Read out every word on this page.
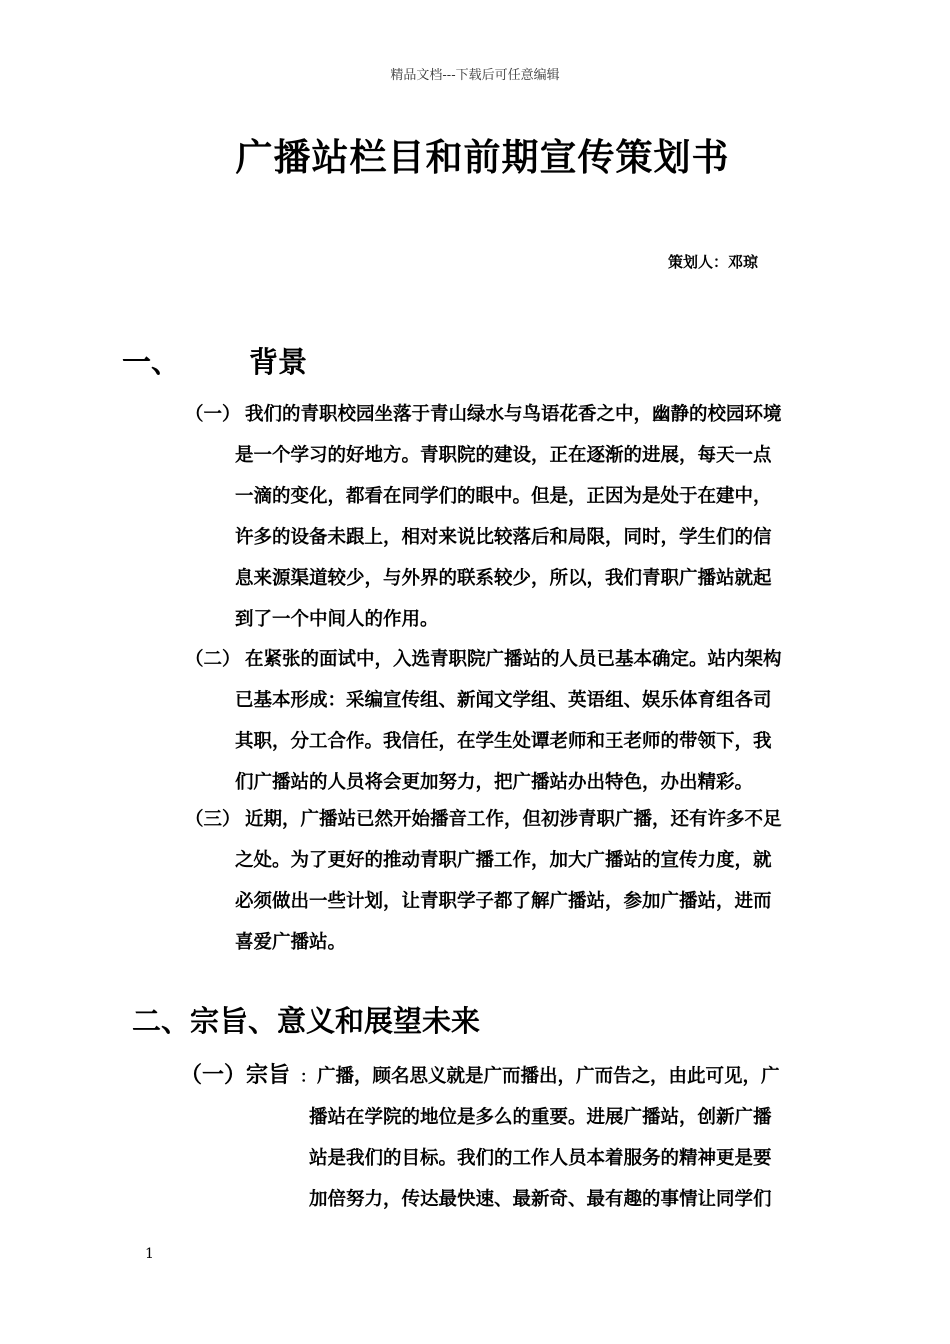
精品文档---下载后可任意编辑
广播站栏目和前期宣传策划书
策划人：邓琼
一、 背景
（一） 我们的青职校园坐落于青山绿水与鸟语花香之中，幽静的校园环境
是一个学习的好地方。青职院的建设，正在逐渐的进展，每天一点
一滴的变化，都看在同学们的眼中。但是，正因为是处于在建中，
许多的设备未跟上，相对来说比较落后和局限，同时，学生们的信
息来源渠道较少，与外界的联系较少，所以，我们青职广播站就起
到了一个中间人的作用。
（二） 在紧张的面试中，入选青职院广播站的人员已基本确定。站内架构
已基本形成：采编宣传组、新闻文学组、英语组、娱乐体育组各司
其职，分工合作。我信任，在学生处谭老师和王老师的带领下，我
们广播站的人员将会更加努力，把广播站办出特色，办出精彩。
（三） 近期，广播站已然开始播音工作，但初涉青职广播，还有许多不足
之处。为了更好的推动青职广播工作，加大广播站的宣传力度，就
必须做出一些计划，让青职学子都了解广播站，参加广播站，进而
喜爱广播站。
二、宗旨、意义和展望未来
（一）宗旨 ： 广播，顾名思义就是广而播出，广而告之，由此可见，广
播站在学院的地位是多么的重要。进展广播站，创新广播
站是我们的目标。我们的工作人员本着服务的精神更是要
加倍努力，传达最快速、最新奇、最有趣的事情让同学们
1
